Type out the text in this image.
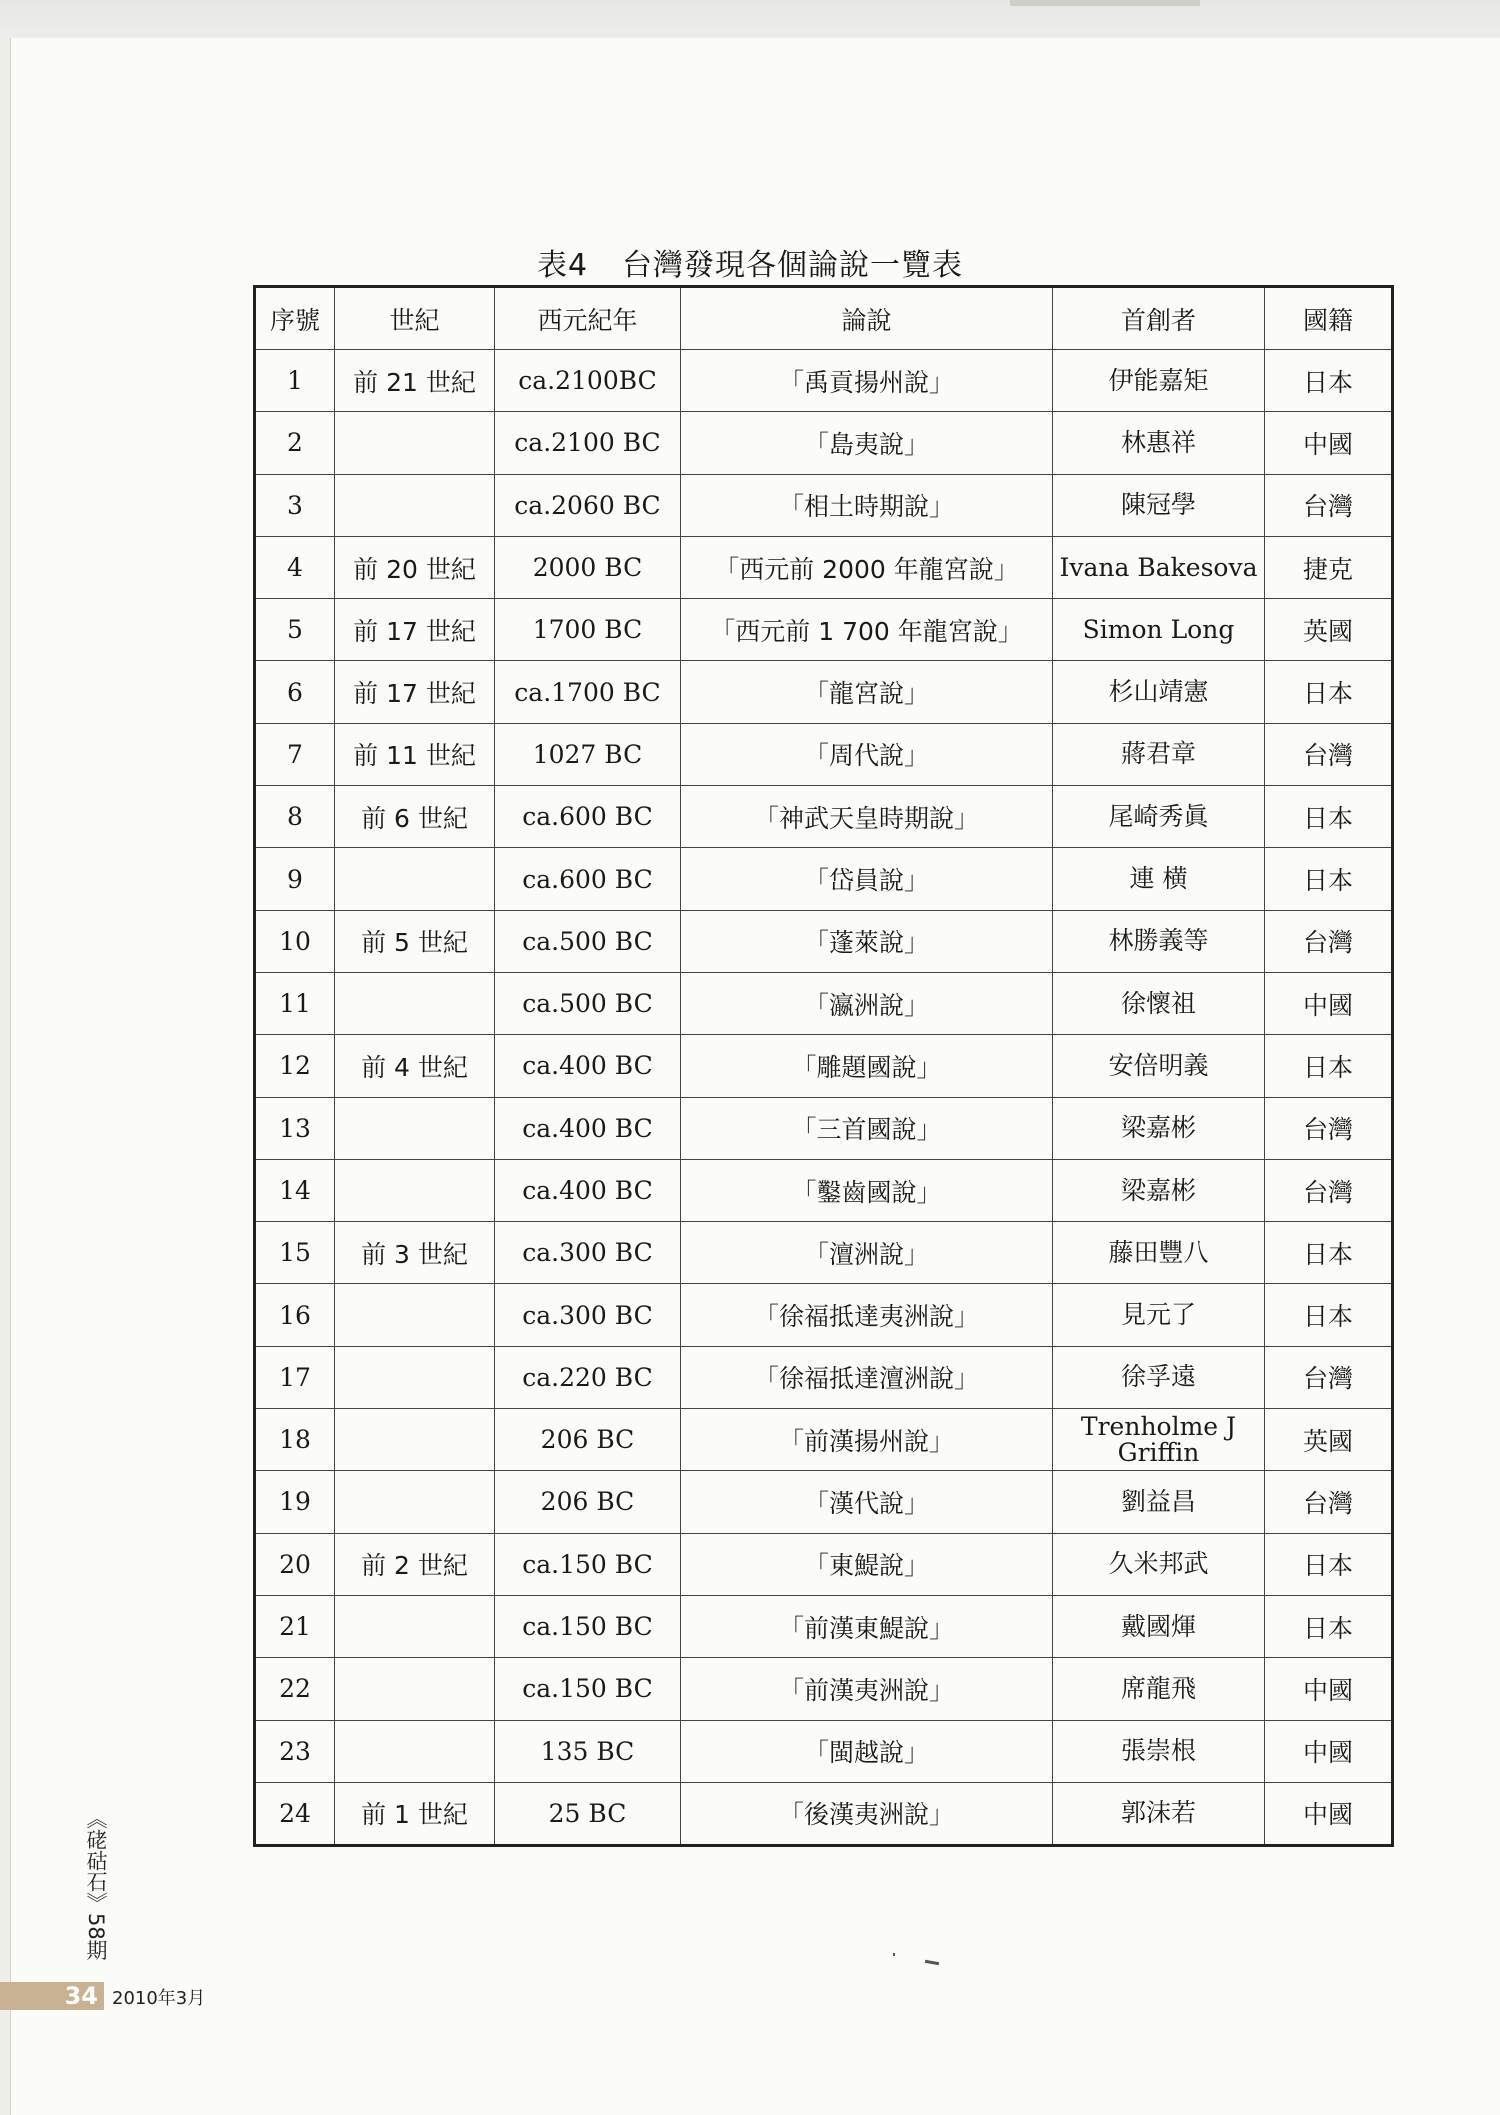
表4 台灣發現各個論說一覽表
序號	世紀	西元紀年	論說	首創者	國籍
1	前 21 世紀	ca.2100BC	「禹貢揚州說」	伊能嘉矩	日本
2		ca.2100 BC	「島夷說」	林惠祥	中國
3		ca.2060 BC	「相土時期說」	陳冠學	台灣
4	前 20 世紀	2000 BC	「西元前 2000 年龍宮說」	Ivana Bakesova	捷克
5	前 17 世紀	1700 BC	「西元前 1 700 年龍宮說」	Simon Long	英國
6	前 17 世紀	ca.1700 BC	「龍宮說」	杉山靖憲	日本
7	前 11 世紀	1027 BC	「周代說」	蔣君章	台灣
8	前 6 世紀	ca.600 BC	「神武天皇時期說」	尾崎秀眞	日本
9		ca.600 BC	「岱員說」	連 横	日本
10	前 5 世紀	ca.500 BC	「蓬萊說」	林勝義等	台灣
11		ca.500 BC	「瀛洲說」	徐懷祖	中國
12	前 4 世紀	ca.400 BC	「雕題國說」	安倍明義	日本
13		ca.400 BC	「三首國說」	梁嘉彬	台灣
14		ca.400 BC	「鑿齒國說」	梁嘉彬	台灣
15	前 3 世紀	ca.300 BC	「澶洲說」	藤田豐八	日本
16		ca.300 BC	「徐福抵達夷洲說」	見元了	日本
17		ca.220 BC	「徐福抵達澶洲說」	徐孚遠	台灣
18		206 BC	「前漢揚州說」	Trenholme J Griffin	英國
19		206 BC	「漢代說」	劉益昌	台灣
20	前 2 世紀	ca.150 BC	「東鯷說」	久米邦武	日本
21		ca.150 BC	「前漢東鯷說」	戴國煇	日本
22		ca.150 BC	「前漢夷洲說」	席龍飛	中國
23		135 BC	「閩越說」	張崇根	中國
24	前 1 世紀	25 BC	「後漢夷洲說」	郭沫若	中國
《硓𥑮石》58期
34 2010年3月
